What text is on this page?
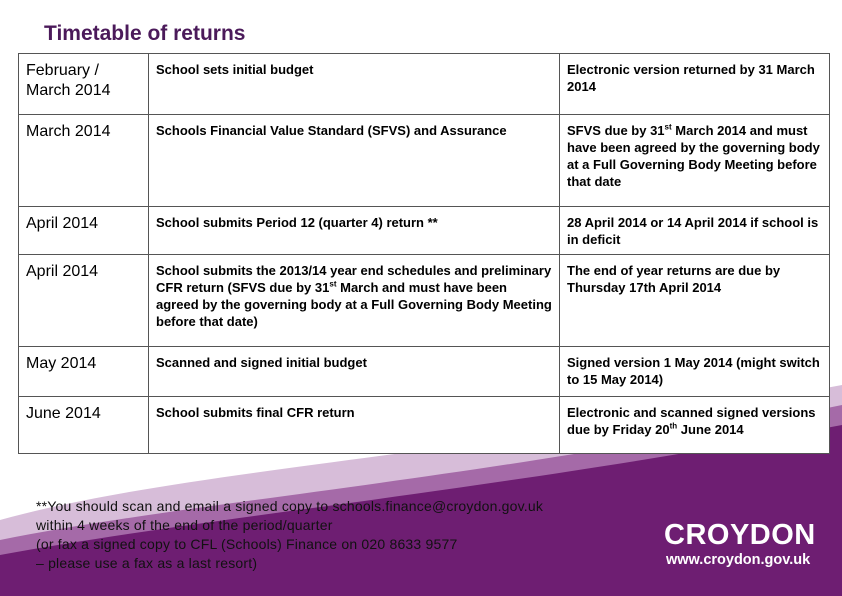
Timetable of returns
February / March 2014	School sets initial budget	Electronic version returned by 31 March 2014
March 2014	Schools Financial Value Standard (SFVS) and Assurance	SFVS due by 31st March 2014 and must have been agreed by the governing body at a Full Governing Body Meeting before that date
April 2014	School submits Period 12 (quarter 4) return **	28 April 2014 or 14 April 2014 if school is in deficit
April 2014	School submits the 2013/14 year end schedules and preliminary CFR return (SFVS due by 31st March and must have been agreed by the governing body at a Full Governing Body Meeting before that date)	The end of year returns are due by Thursday 17th April 2014
May 2014	Scanned and signed initial budget	Signed version 1 May 2014 (might switch to 15 May 2014)
June 2014	School submits final CFR return	Electronic and scanned signed versions due by Friday 20th June 2014
**You should scan and email a signed copy to schools.finance@croydon.gov.uk
within 4 weeks of the end of the period/quarter
(or fax a signed copy to CFL (Schools) Finance on 020 8633 9577
– please use a fax as a last resort)
CROYDON
www.croydon.gov.uk
